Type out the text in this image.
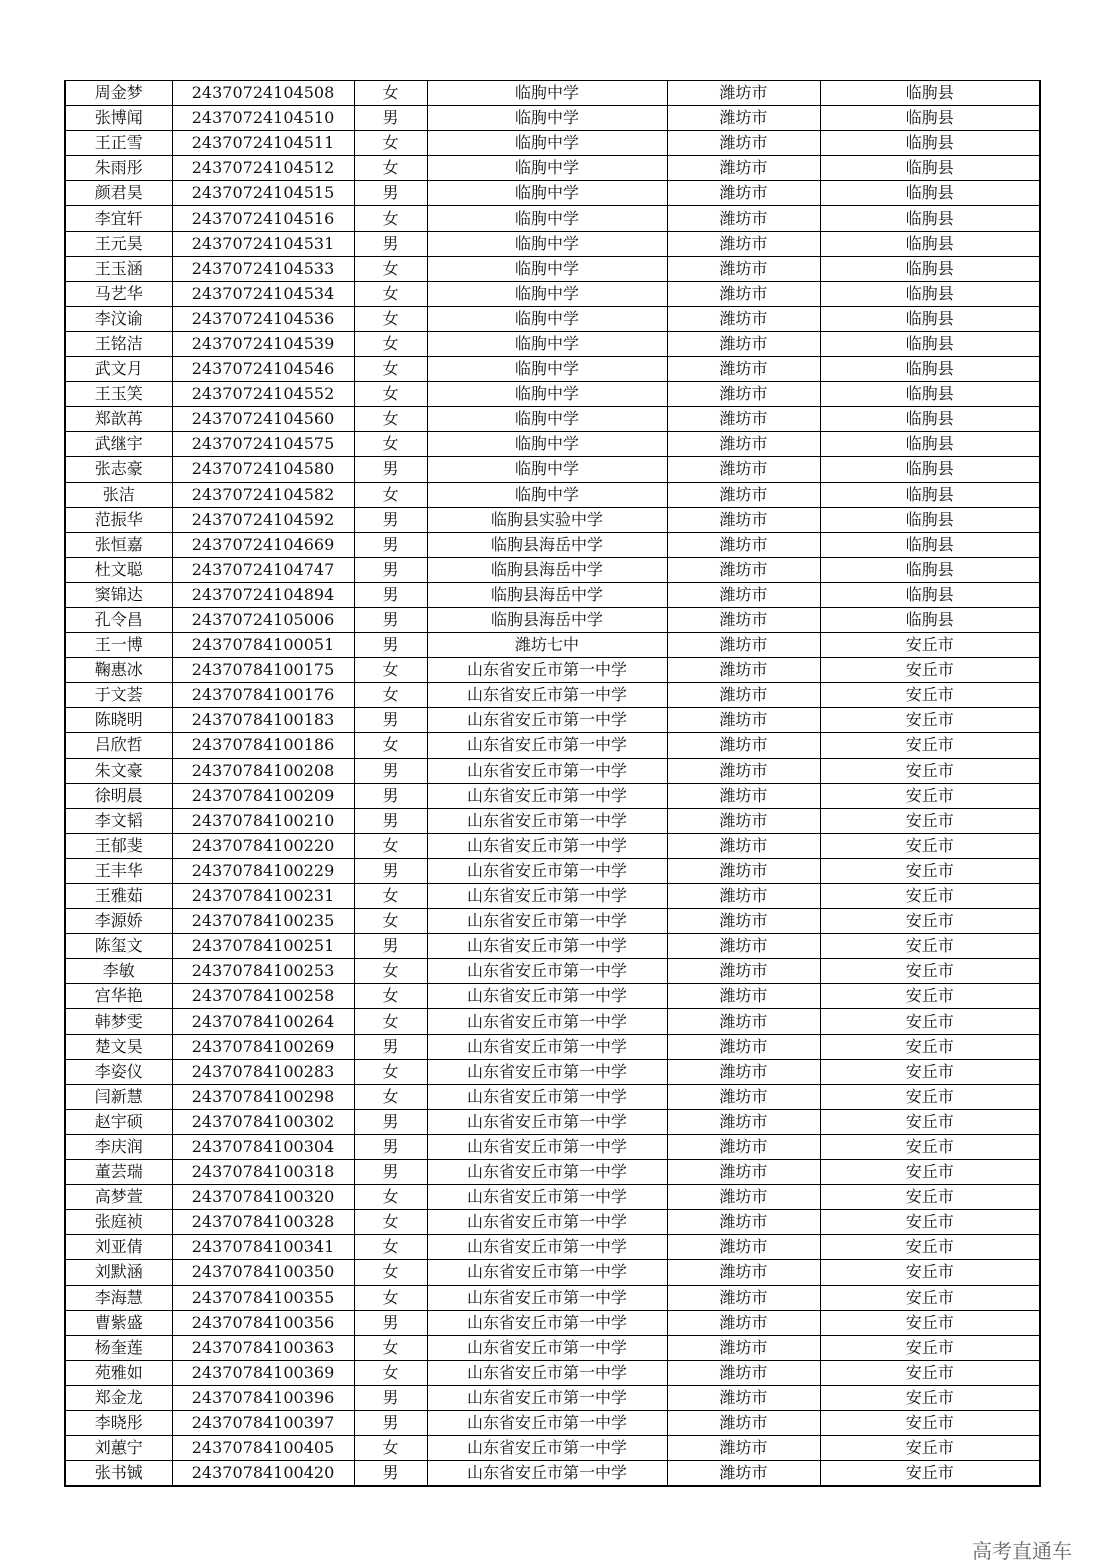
周金梦	24370724104508	女	临朐中学	潍坊市	临朐县
张博闻	24370724104510	男	临朐中学	潍坊市	临朐县
王正雪	24370724104511	女	临朐中学	潍坊市	临朐县
朱雨彤	24370724104512	女	临朐中学	潍坊市	临朐县
颜君昊	24370724104515	男	临朐中学	潍坊市	临朐县
李宜轩	24370724104516	女	临朐中学	潍坊市	临朐县
王元昊	24370724104531	男	临朐中学	潍坊市	临朐县
王玉涵	24370724104533	女	临朐中学	潍坊市	临朐县
马艺华	24370724104534	女	临朐中学	潍坊市	临朐县
李汶谕	24370724104536	女	临朐中学	潍坊市	临朐县
王铭洁	24370724104539	女	临朐中学	潍坊市	临朐县
武文月	24370724104546	女	临朐中学	潍坊市	临朐县
王玉笑	24370724104552	女	临朐中学	潍坊市	临朐县
郑歆苒	24370724104560	女	临朐中学	潍坊市	临朐县
武继宇	24370724104575	女	临朐中学	潍坊市	临朐县
张志豪	24370724104580	男	临朐中学	潍坊市	临朐县
张洁	24370724104582	女	临朐中学	潍坊市	临朐县
范振华	24370724104592	男	临朐县实验中学	潍坊市	临朐县
张恒嘉	24370724104669	男	临朐县海岳中学	潍坊市	临朐县
杜文聪	24370724104747	男	临朐县海岳中学	潍坊市	临朐县
窦锦达	24370724104894	男	临朐县海岳中学	潍坊市	临朐县
孔令昌	24370724105006	男	临朐县海岳中学	潍坊市	临朐县
王一博	24370784100051	男	潍坊七中	潍坊市	安丘市
鞠惠冰	24370784100175	女	山东省安丘市第一中学	潍坊市	安丘市
于文荟	24370784100176	女	山东省安丘市第一中学	潍坊市	安丘市
陈晓明	24370784100183	男	山东省安丘市第一中学	潍坊市	安丘市
吕欣哲	24370784100186	女	山东省安丘市第一中学	潍坊市	安丘市
朱文豪	24370784100208	男	山东省安丘市第一中学	潍坊市	安丘市
徐明晨	24370784100209	男	山东省安丘市第一中学	潍坊市	安丘市
李文韬	24370784100210	男	山东省安丘市第一中学	潍坊市	安丘市
王郁斐	24370784100220	女	山东省安丘市第一中学	潍坊市	安丘市
王丰华	24370784100229	男	山东省安丘市第一中学	潍坊市	安丘市
王雅茹	24370784100231	女	山东省安丘市第一中学	潍坊市	安丘市
李源娇	24370784100235	女	山东省安丘市第一中学	潍坊市	安丘市
陈玺文	24370784100251	男	山东省安丘市第一中学	潍坊市	安丘市
李敏	24370784100253	女	山东省安丘市第一中学	潍坊市	安丘市
宫华艳	24370784100258	女	山东省安丘市第一中学	潍坊市	安丘市
韩梦雯	24370784100264	女	山东省安丘市第一中学	潍坊市	安丘市
楚文昊	24370784100269	男	山东省安丘市第一中学	潍坊市	安丘市
李姿仪	24370784100283	女	山东省安丘市第一中学	潍坊市	安丘市
闫新慧	24370784100298	女	山东省安丘市第一中学	潍坊市	安丘市
赵宇硕	24370784100302	男	山东省安丘市第一中学	潍坊市	安丘市
李庆润	24370784100304	男	山东省安丘市第一中学	潍坊市	安丘市
董芸瑞	24370784100318	男	山东省安丘市第一中学	潍坊市	安丘市
高梦萱	24370784100320	女	山东省安丘市第一中学	潍坊市	安丘市
张庭祯	24370784100328	女	山东省安丘市第一中学	潍坊市	安丘市
刘亚倩	24370784100341	女	山东省安丘市第一中学	潍坊市	安丘市
刘默涵	24370784100350	女	山东省安丘市第一中学	潍坊市	安丘市
李海慧	24370784100355	女	山东省安丘市第一中学	潍坊市	安丘市
曹紫盛	24370784100356	男	山东省安丘市第一中学	潍坊市	安丘市
杨奎莲	24370784100363	女	山东省安丘市第一中学	潍坊市	安丘市
苑雅如	24370784100369	女	山东省安丘市第一中学	潍坊市	安丘市
郑金龙	24370784100396	男	山东省安丘市第一中学	潍坊市	安丘市
李晓彤	24370784100397	男	山东省安丘市第一中学	潍坊市	安丘市
刘蕙宁	24370784100405	女	山东省安丘市第一中学	潍坊市	安丘市
张书铖	24370784100420	男	山东省安丘市第一中学	潍坊市	安丘市
高考直通车
